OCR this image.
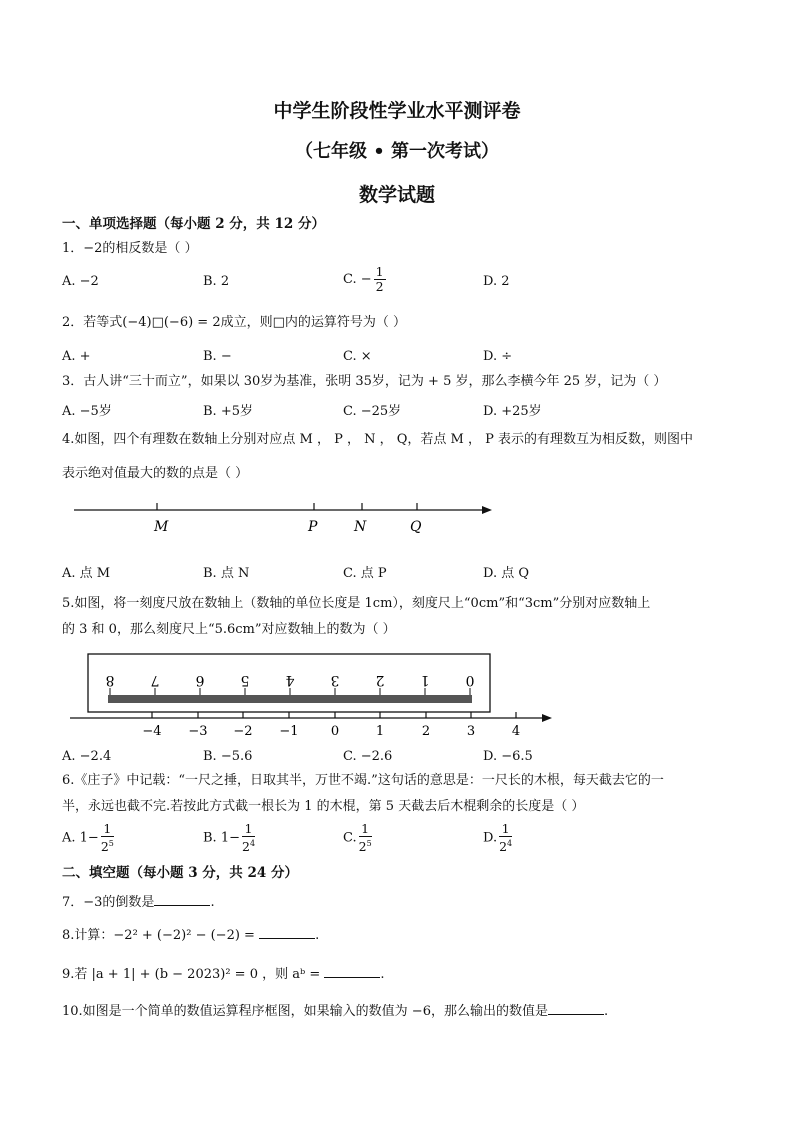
中学生阶段性学业水平测评卷
（七年级 • 第一次考试）
数学试题
一、单项选择题（每小题 2 分，共 12 分）
1．−2的相反数是（ ）
A. −2	B. 2	C. − $\frac{1}{2}$	D. 2
2．若等式(−4)□(−6) = 2成立，则□内的运算符号为（ ）
A. +	B. −	C. ×	D. ÷
3．古人讲“三十而立”，如果以 30岁为基准，张明 35岁，记为 + 5 岁，那么李横今年 25 岁，记为（ ）
A. −5岁	B. +5岁	C. −25岁	D. +25岁
4.如图，四个有理数在数轴上分别对应点 M ， P ， N ， Q，若点 M ， P 表示的有理数互为相反数，则图中
表示绝对值最大的数的点是（ ）
M	P	N	Q
A. 点 M	B. 点 N	C. 点 P	D. 点 Q
5.如图，将一刻度尺放在数轴上（数轴的单位长度是 1cm），刻度尺上“0cm”和“3cm”分别对应数轴上
的 3 和 0，那么刻度尺上“5.6cm”对应数轴上的数为（ ）
8	7	6	5	4	3	2	1	0
−4 −3 −2 −1 0	1	2	3	4
A. −2.4	B. −5.6	C. −2.6	D. −6.5
6.《庄子》中记载：“一尺之捶，日取其半，万世不竭.”这句话的意思是：一尺长的木根，每天截去它的一
半，永远也截不完.若按此方式截一根长为 1 的木棍，第 5 天截去后木棍剩余的长度是（ ）
A. $1- \frac{1}{2^5}$	B. $1- \frac{1}{2^4}$	C. $\frac{1}{2^5}$	D. $\frac{1}{2^4}$
二、填空题（每小题 3 分，共 24 分）
7．−3的倒数是	.
8.计算：−2² + (−2)² − (−2) =	.
9.若 |a + 1| + (b − 2023)² = 0 ，则 aᵇ =	.
10.如图是一个简单的数值运算程序框图，如果输入的数值为 −6，那么输出的数值是	.
